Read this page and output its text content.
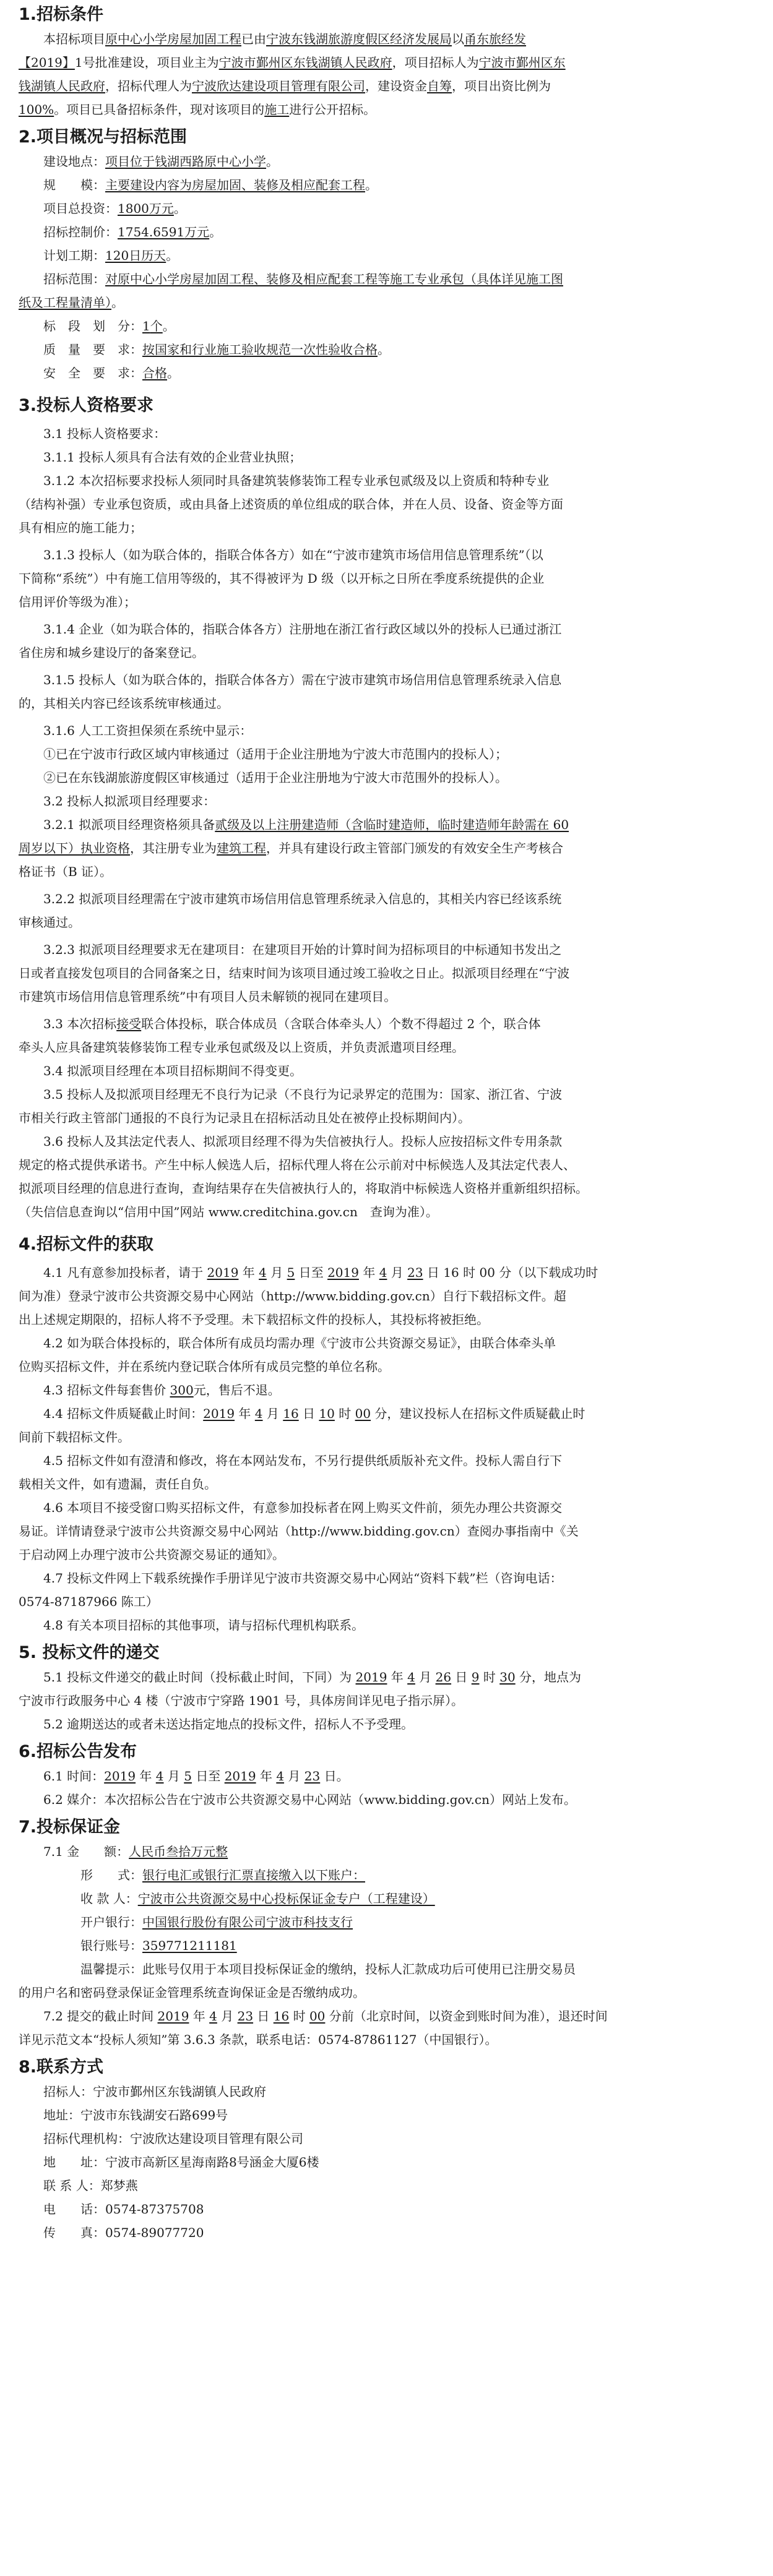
1.招标条件

本招标项目原中心小学房屋加固工程已由宁波东钱湖旅游度假区经济发展局以甬东旅经发

【2019】1号批准建设，项目业主为宁波市鄞州区东钱湖镇人民政府，项目招标人为宁波市鄞州区东

钱湖镇人民政府，招标代理人为宁波欣达建设项目管理有限公司，建设资金自筹，项目出资比例为

100%。项目已具备招标条件，现对该项目的施工进行公开招标。

2.项目概况与招标范围

建设地点：项目位于钱湖西路原中心小学。

规　　模：主要建设内容为房屋加固、装修及相应配套工程。

项目总投资：1800万元。

招标控制价：1754.6591万元。

计划工期：120日历天。

招标范围：对原中心小学房屋加固工程、装修及相应配套工程等施工专业承包（具体详见施工图

纸及工程量清单）。

标　段　划　分：1个。

质　量　要　求：按国家和行业施工验收规范一次性验收合格。

安　全　要　求：合格。

3.投标人资格要求

3.1 投标人资格要求：

3.1.1 投标人须具有合法有效的企业营业执照；

3.1.2 本次招标要求投标人须同时具备建筑装修装饰工程专业承包贰级及以上资质和特种专业

（结构补强）专业承包资质，或由具备上述资质的单位组成的联合体，并在人员、设备、资金等方面

具有相应的施工能力；

3.1.3 投标人（如为联合体的，指联合体各方）如在“宁波市建筑市场信用信息管理系统”（以

下简称“系统”）中有施工信用等级的，其不得被评为 D 级（以开标之日所在季度系统提供的企业

信用评价等级为准）；

3.1.4 企业（如为联合体的，指联合体各方）注册地在浙江省行政区域以外的投标人已通过浙江

省住房和城乡建设厅的备案登记。

3.1.5 投标人（如为联合体的，指联合体各方）需在宁波市建筑市场信用信息管理系统录入信息

的，其相关内容已经该系统审核通过。

3.1.6 人工工资担保须在系统中显示：

①已在宁波市行政区域内审核通过（适用于企业注册地为宁波大市范围内的投标人）；

②已在东钱湖旅游度假区审核通过（适用于企业注册地为宁波大市范围外的投标人）。

3.2 投标人拟派项目经理要求：

3.2.1 拟派项目经理资格须具备贰级及以上注册建造师（含临时建造师，临时建造师年龄需在 60

周岁以下）执业资格，其注册专业为建筑工程，并具有建设行政主管部门颁发的有效安全生产考核合

格证书（B 证）。

3.2.2 拟派项目经理需在宁波市建筑市场信用信息管理系统录入信息的，其相关内容已经该系统

审核通过。

3.2.3 拟派项目经理要求无在建项目：在建项目开始的计算时间为招标项目的中标通知书发出之

日或者直接发包项目的合同备案之日，结束时间为该项目通过竣工验收之日止。拟派项目经理在“宁波

市建筑市场信用信息管理系统”中有项目人员未解锁的视同在建项目。

3.3 本次招标接受联合体投标，联合体成员（含联合体牵头人）个数不得超过 2 个，联合体

牵头人应具备建筑装修装饰工程专业承包贰级及以上资质，并负责派遣项目经理。

3.4 拟派项目经理在本项目招标期间不得变更。

3.5 投标人及拟派项目经理无不良行为记录（不良行为记录界定的范围为：国家、浙江省、宁波

市相关行政主管部门通报的不良行为记录且在招标活动且处在被停止投标期间内）。

3.6 投标人及其法定代表人、拟派项目经理不得为失信被执行人。投标人应按招标文件专用条款

规定的格式提供承诺书。产生中标人候选人后，招标代理人将在公示前对中标候选人及其法定代表人、

拟派项目经理的信息进行查询，查询结果存在失信被执行人的，将取消中标候选人资格并重新组织招标。

（失信信息查询以“信用中国”网站 www.creditchina.gov.cn　查询为准）。

4.招标文件的获取

4.1 凡有意参加投标者，请于 2019 年 4 月 5 日至 2019 年 4 月 23 日 16 时 00 分（以下载成功时

间为准）登录宁波市公共资源交易中心网站（http://www.bidding.gov.cn）自行下载招标文件。超

出上述规定期限的，招标人将不予受理。未下载招标文件的投标人，其投标将被拒绝。

4.2 如为联合体投标的，联合体所有成员均需办理《宁波市公共资源交易证》，由联合体牵头单

位购买招标文件，并在系统内登记联合体所有成员完整的单位名称。

4.3 招标文件每套售价 300元，售后不退。

4.4 招标文件质疑截止时间：2019 年 4 月 16 日 10 时 00 分，建议投标人在招标文件质疑截止时

间前下载招标文件。

4.5 招标文件如有澄清和修改，将在本网站发布，不另行提供纸质版补充文件。投标人需自行下

载相关文件，如有遗漏，责任自负。

4.6 本项目不接受窗口购买招标文件，有意参加投标者在网上购买文件前，须先办理公共资源交

易证。详情请登录宁波市公共资源交易中心网站（http://www.bidding.gov.cn）查阅办事指南中《关

于启动网上办理宁波市公共资源交易证的通知》。

4.7 投标文件网上下载系统操作手册详见宁波市共资源交易中心网站“资料下载”栏（咨询电话：

0574-87187966 陈工）

4.8 有关本项目招标的其他事项，请与招标代理机构联系。

5. 投标文件的递交

5.1 投标文件递交的截止时间（投标截止时间，下同）为 2019 年 4 月 26 日 9 时 30 分，地点为

宁波市行政服务中心 4 楼（宁波市宁穿路 1901 号，具体房间详见电子指示屏）。

5.2 逾期送达的或者未送达指定地点的投标文件，招标人不予受理。

6.招标公告发布

6.1 时间：2019 年 4 月 5 日至 2019 年 4 月 23 日。

6.2 媒介：本次招标公告在宁波市公共资源交易中心网站（www.bidding.gov.cn）网站上发布。

7.投标保证金

7.1 金　　额：人民币叁拾万元整

形　　式：银行电汇或银行汇票直接缴入以下账户：

收 款 人：宁波市公共资源交易中心投标保证金专户（工程建设）

开户银行：中国银行股份有限公司宁波市科技支行

银行账号：359771211181

温馨提示：此账号仅用于本项目投标保证金的缴纳，投标人汇款成功后可使用已注册交易员

的用户名和密码登录保证金管理系统查询保证金是否缴纳成功。

7.2 提交的截止时间 2019 年 4 月 23 日 16 时 00 分前（北京时间，以资金到账时间为准），退还时间

详见示范文本“投标人须知”第 3.6.3 条款，联系电话：0574-87861127（中国银行）。

8.联系方式

招标人：宁波市鄞州区东钱湖镇人民政府

地址：宁波市东钱湖安石路699号

招标代理机构：宁波欣达建设项目管理有限公司

地　　址：宁波市高新区星海南路8号涵金大厦6楼

联 系 人：郑梦燕

电　　话：0574-87375708

传　　真：0574-89077720
